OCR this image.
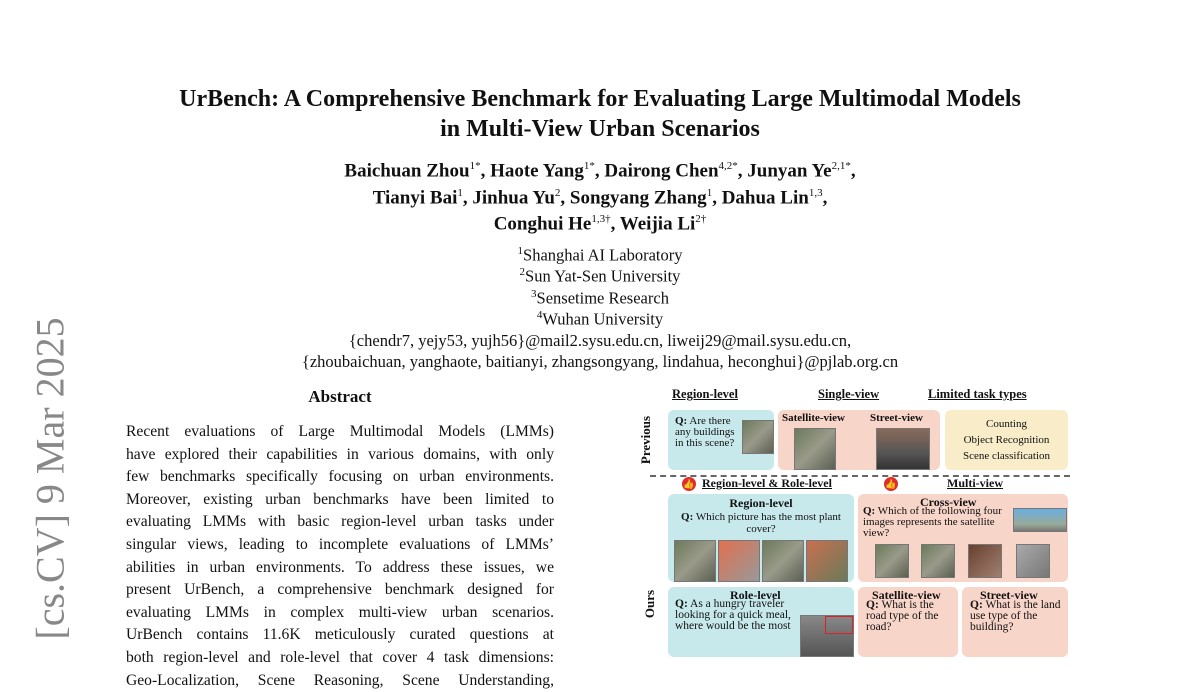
UrBench: A Comprehensive Benchmark for Evaluating Large Multimodal Models
in Multi-View Urban Scenarios
Baichuan Zhou$^{1*}$, Haote Yang$^{1*}$, Dairong Chen$^{4,2*}$, Junyan $Ye^{2,1*}$,
Tianyi Bai$^1$, Jinhua Yu$^2$, Songyang Zhang$^1$, Dahua Lin$^{1,3}$,
Conghui $He^{1,3\dagger}$, Weijia $Li^{2\dagger}$
$^1$Shanghai AI Laboratory
$^2$Sun Yat-Sen University
$^3$Sensetime Research
$^4$Wuhan University
{chendr7, yejy53, yujh56}@mail2.sysu.edu.cn, liweij29@mail.sysu.edu.cn,
{zhoubaichuan, yanghaote, baitianyi, zhangsongyang, lindahua, heconghui}@pjlab.org.cn
[cs.CV] 9 Mar 2025	Abstract
Recent evaluations of Large Multimodal Models (LMMs)
have explored their capabilities in various domains, with only
few benchmarks specifically focusing on urban environments.
Moreover, existing urban benchmarks have been limited to
evaluating LMMs with basic region-level urban tasks under
singular views, leading to incomplete evaluations of LMMs’
abilities in urban environments. To address these issues, we
present UrBench, a comprehensive benchmark designed for
evaluating LMMs in complex multi-view urban scenarios.
UrBench contains 11.6K meticulously curated questions at
both region-level and role-level that cover 4 task dimensions:
Geo-Localization, Scene Reasoning, Scene Understanding,
Previous
Ours
Region-level	Single-view	Limited task types
Q: Are there any buildings in this scene?
Satellite-view Street-view	Counting
Object Recognition
Scene classification
👍 Region-level & Role-level	👍	Multi-view
Region-level
Q: Which picture has the most plant cover?
Cross-view
Q: Which of the following four images represents the satellite view?
Role-level
Q: As a hungry traveler looking for a quick meal, where would be the most
Satellite-view
Q: What is the road type of the road?
Street-view
Q: What is the land use type of the building?
